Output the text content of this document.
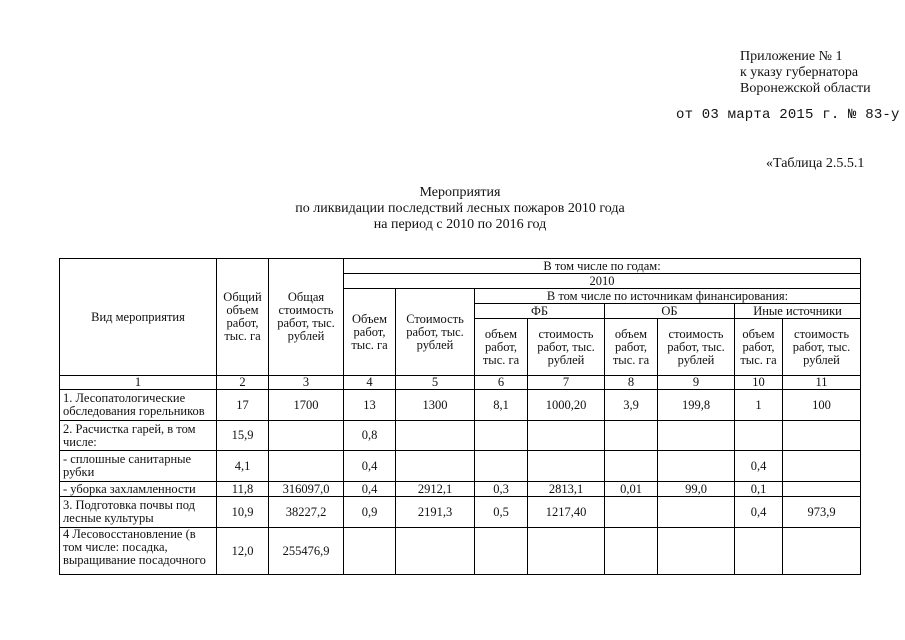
Приложение № 1
к указу губернатора
Воронежской области
от 03 марта 2015 г. № 83-у
«Таблица 2.5.5.1
Мероприятия
по ликвидации последствий лесных пожаров 2010 года
на период с 2010 по 2016 год
Вид мероприятия	Общий объем работ, тыс. га	Общая стоимость работ, тыс. рублей	В том числе по годам:							
			2010							
			Объем работ, тыс. га	Стоимость работ, тыс. рублей	В том числе по источникам финансирования:					
					ФБ		ОБ		Иные источники	
					объем работ, тыс. га	стоимость работ, тыс. рублей	объем работ, тыс. га	стоимость работ, тыс. рублей	объем работ, тыс. га	стоимость работ, тыс. рублей
1	2	3	4	5	6	7	8	9	10	11
1. Лесопатологические обследования горельников	17	1700	13	1300	8,1	1000,20	3,9	199,8	1	100
2. Расчистка гарей, в том числе:	15,9		0,8							
- сплошные санитарные рубки	4,1		0,4						0,4	
- уборка захламленности	11,8	316097,0	0,4	2912,1	0,3	2813,1	0,01	99,0	0,1	
3. Подготовка почвы под лесные культуры	10,9	38227,2	0,9	2191,3	0,5	1217,40			0,4	973,9
4 Лесовосстановление (в том числе: посадка, выращивание посадочного	12,0	255476,9								
